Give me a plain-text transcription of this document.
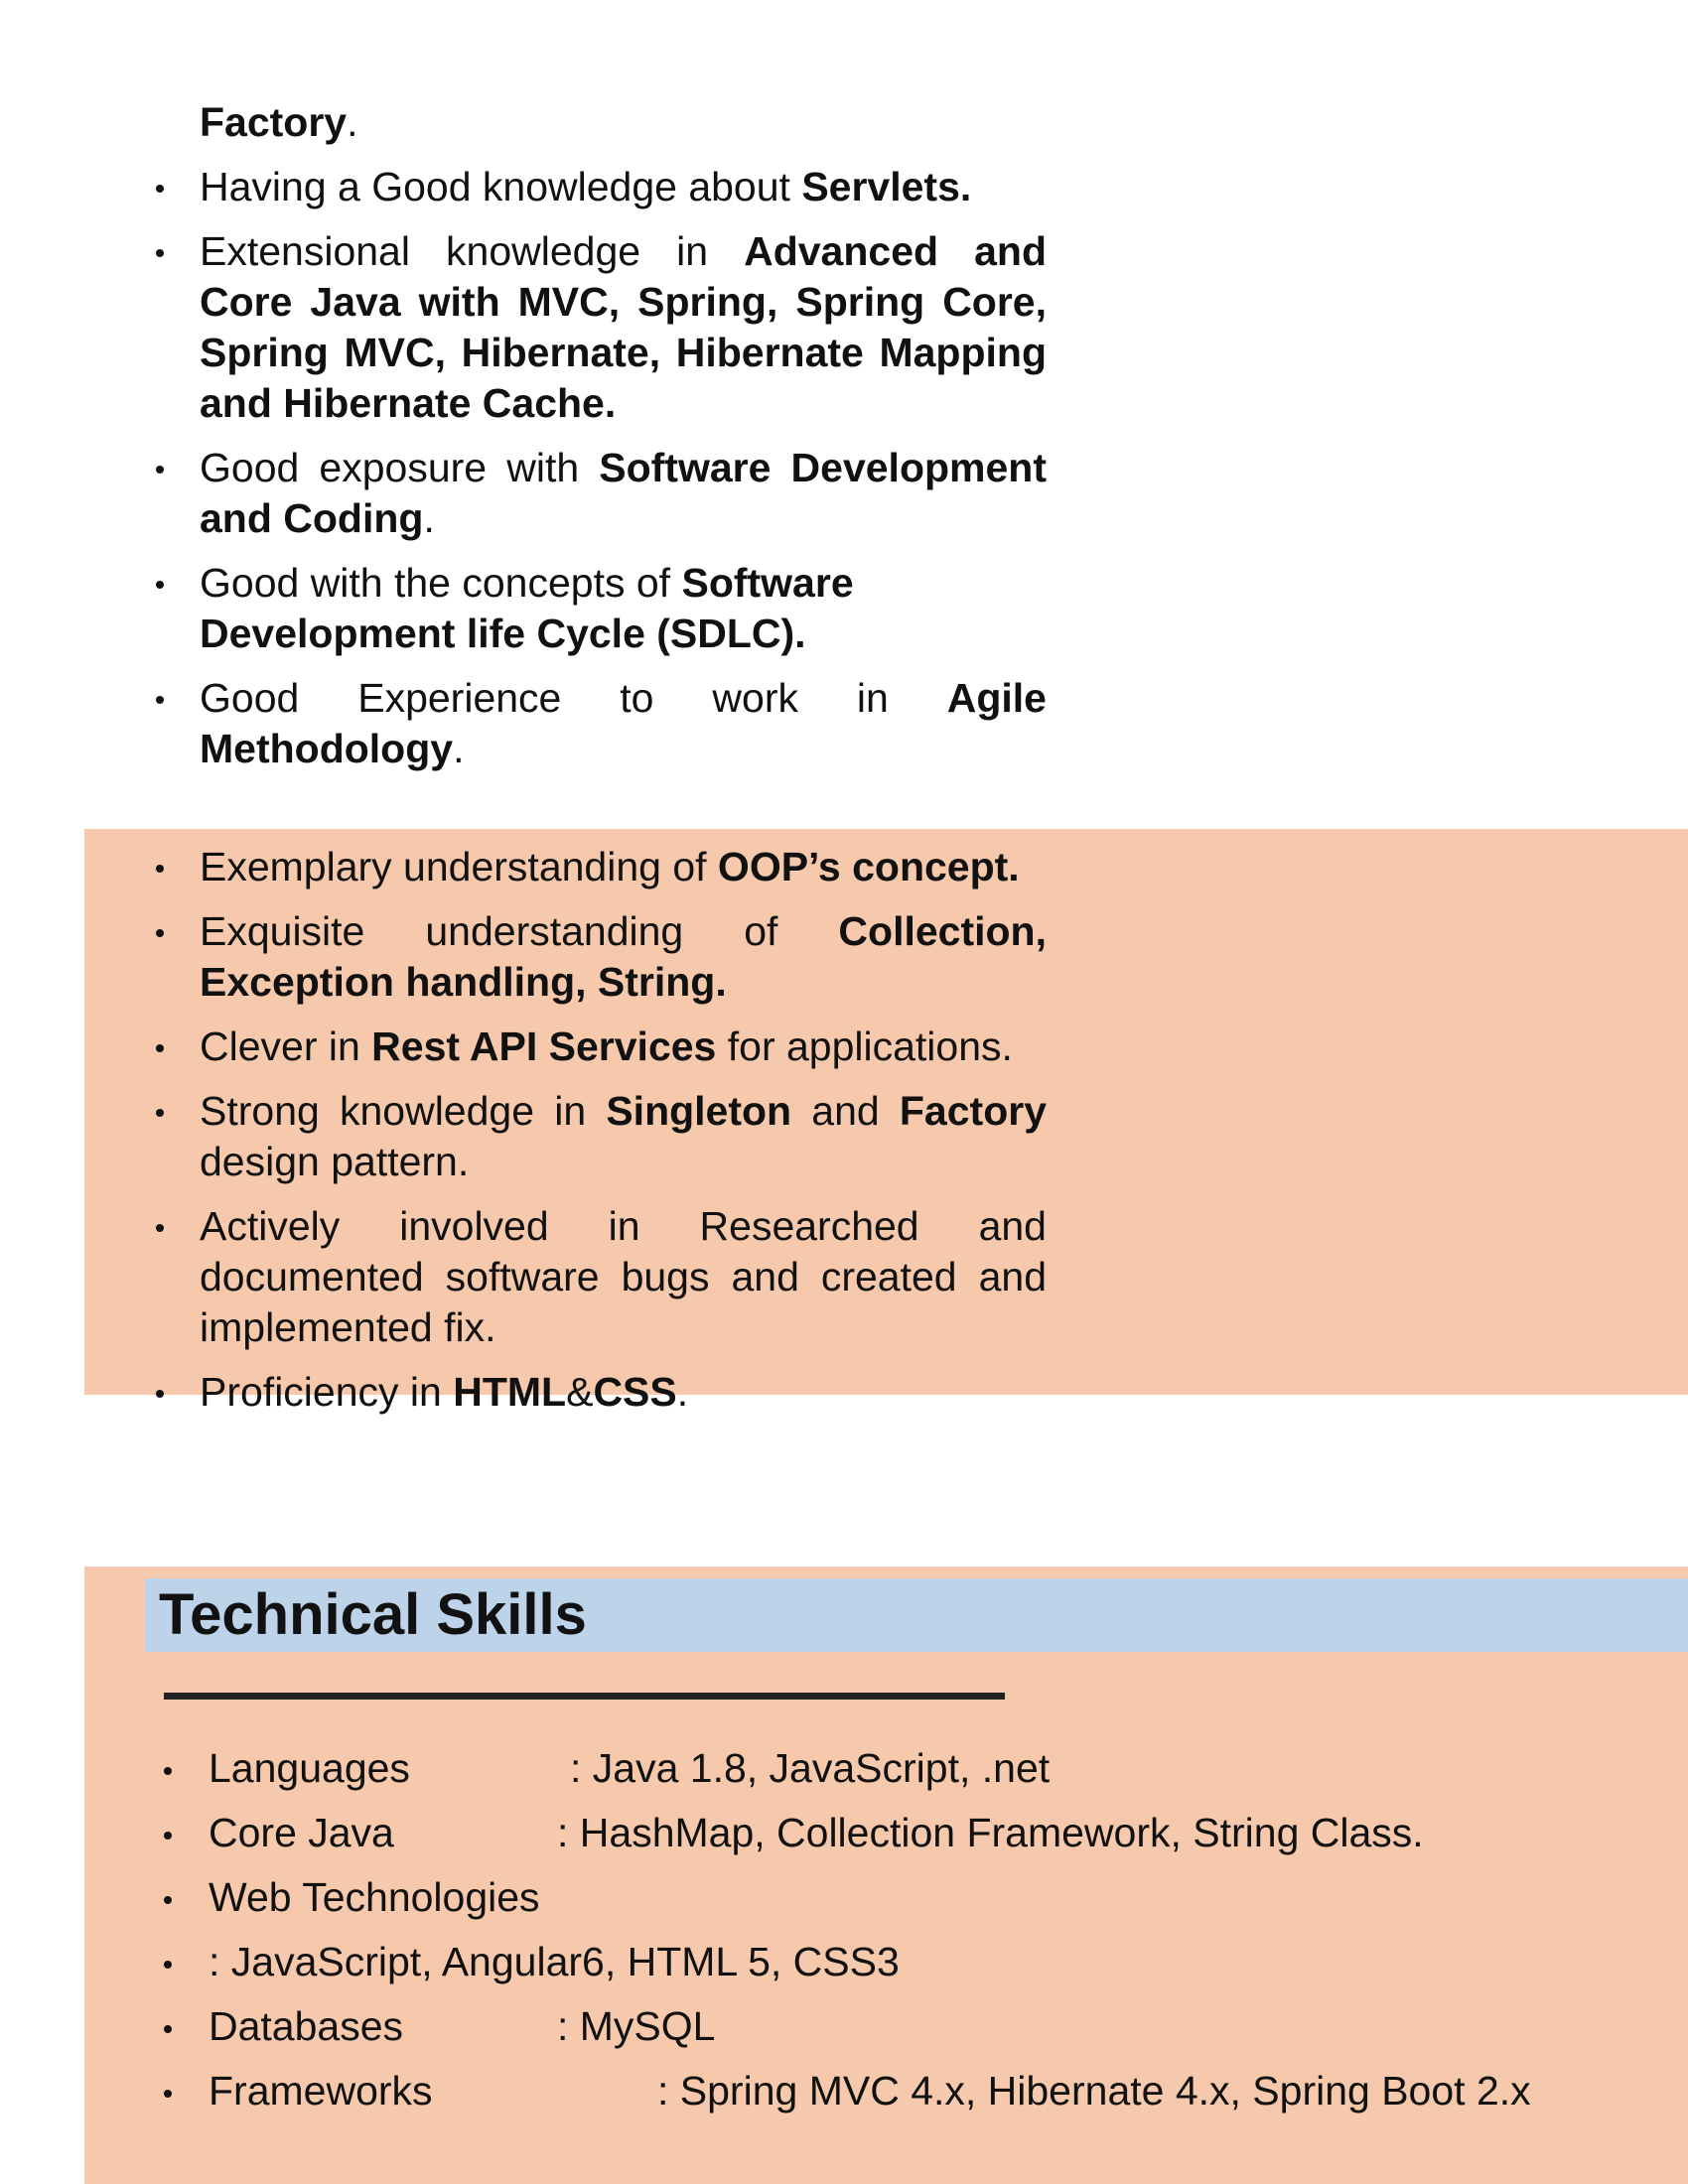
Factory.
Having a Good knowledge about Servlets.
Extensional knowledge in Advanced and Core Java with MVC, Spring, Spring Core, Spring MVC, Hibernate, Hibernate Mapping and Hibernate Cache.
Good exposure with Software Development and Coding.
Good with the concepts of Software Development life Cycle (SDLC).
Good Experience to work in Agile Methodology.
Exemplary understanding of OOP’s concept.
Exquisite understanding of Collection, Exception handling, String.
Clever in Rest API Services for applications.
Strong knowledge in Singleton and Factory design pattern.
Actively involved in Researched and documented software bugs and created and implemented fix.
Proficiency in HTML&CSS.
Technical Skills
Languages	: Java 1.8, JavaScript, .net
Core Java	: HashMap, Collection Framework, String Class.
Web Technologies
: JavaScript, Angular6, HTML 5, CSS3
Databases	: MySQL
Frameworks	: Spring MVC 4.x, Hibernate 4.x, Spring Boot 2.x
